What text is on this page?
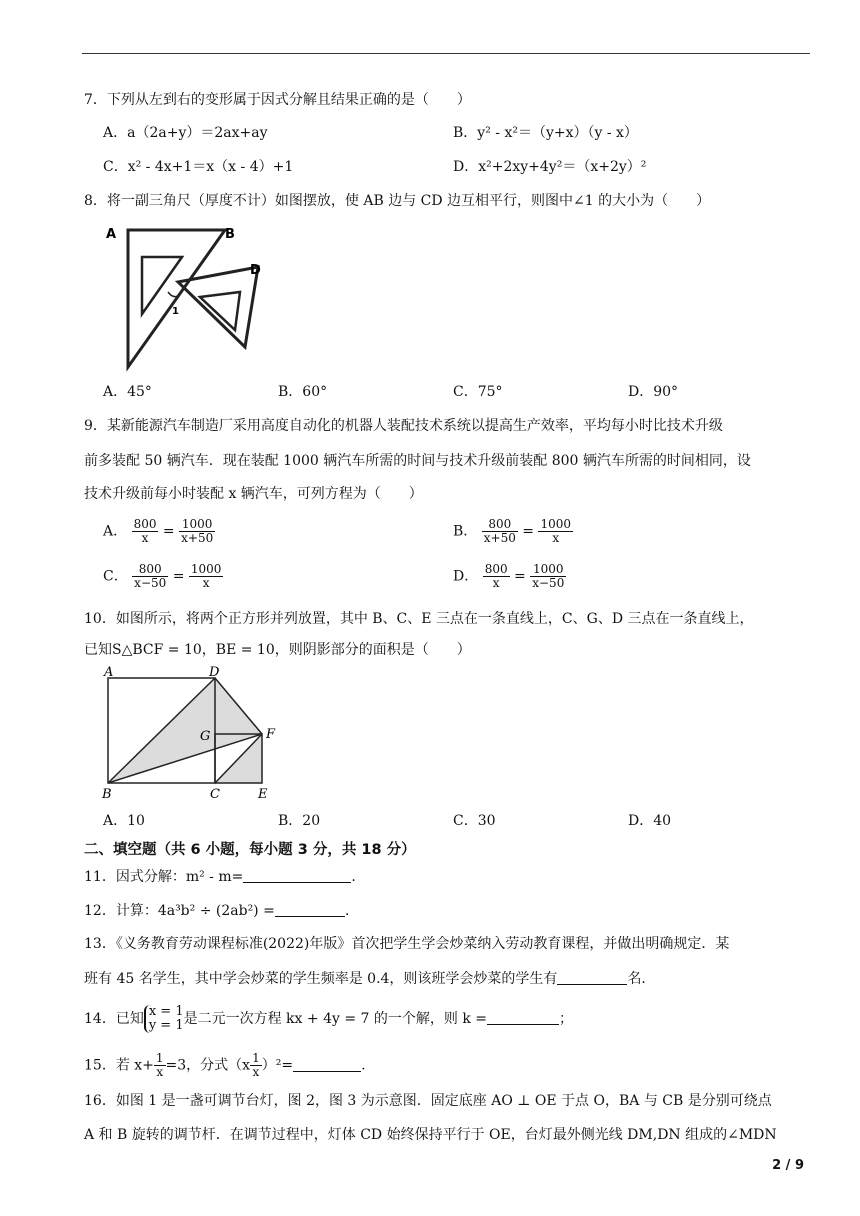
7．下列从左到右的变形属于因式分解且结果正确的是（　　）
A．a（2a+y）＝2ax+ay	B．y² - x²＝（y+x）（y - x）
C．x² - 4x+1＝x（x - 4）+1	D．x²+2xy+4y²＝（x+2y）²
8．将一副三角尺（厚度不计）如图摆放，使 AB 边与 CD 边互相平行，则图中∠1 的大小为（　　）
A	B
D
1
A．45°	B．60°	C．75°	D．90°
9．某新能源汽车制造厂采用高度自动化的机器人装配技术系统以提高生产效率，平均每小时比技术升级
前多装配 50 辆汽车．现在装配 1000 辆汽车所需的时间与技术升级前装配 800 辆汽车所需的时间相同，设
技术升级前每小时装配 x 辆汽车，可列方程为（　　）
A． $\frac{800}{x} = \frac{1000}{x+50}$	B． $\frac{800}{x+50} = \frac{1000}{x}$
C． $\frac{800}{x-50} = \frac{1000}{x}$	D． $\frac{800}{x} = \frac{1000}{x-50}$
10．如图所示，将两个正方形并列放置，其中 B、C、E 三点在一条直线上，C、G、D 三点在一条直线上，
已知S△BCF = 10，BE = 10，则阴影部分的面积是（　　）
A	D
G	F
B	C	E
A．10	B．20	C．30	D．40
二、填空题（共 6 小题，每小题 3 分，共 18 分）
11．因式分解：m² - m=	.
12．计算：4a³b² ÷ (2ab²) =	.
13．《义务教育劳动课程标准(2022)年版》首次把学生学会炒菜纳入劳动教育课程，并做出明确规定．某
班有 45 名学生，其中学会炒菜的学生频率是 0.4，则该班学会炒菜的学生有	名．
14．已知 x = 1
y = 1 是二元一次方程 kx + 4y = 7 的一个解，则 k =	；
15．若 $x+ \frac{1}{x} =3$，分式$(x \frac{1}{x} )^2=$	.
16．如图 1 是一盏可调节台灯，图 2，图 3 为示意图．固定底座 AO ⊥ OE 于点 O，BA 与 CB 是分别可绕点
A 和 B 旋转的调节杆．在调节过程中，灯体 CD 始终保持平行于 OE，台灯最外侧光线 DM,DN 组成的∠MDN
2 / 9
